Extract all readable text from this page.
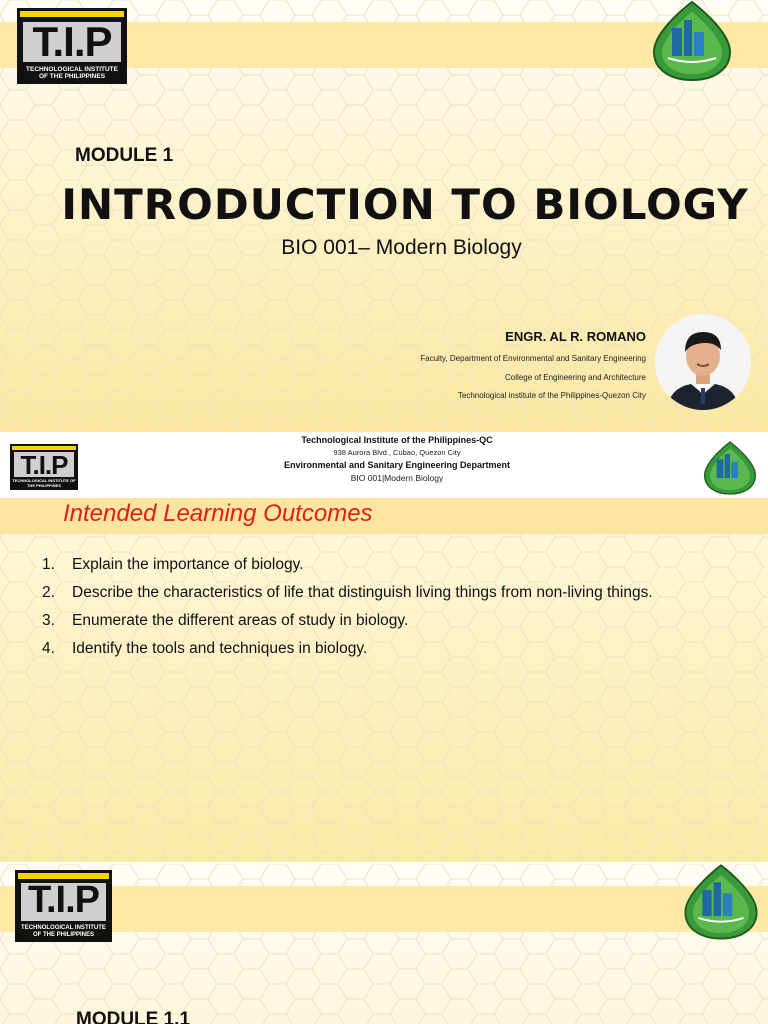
T.I.P
TECHNOLOGICAL INSTITUTE OF THE PHILIPPINES
MODULE 1
INTRODUCTION TO BIOLOGY
BIO 001– Modern Biology
ENGR. AL R. ROMANO
Faculty, Department of Environmental and Sanitary Engineering
College of Engineering and Architecture
Technological institute of the Philippines-Quezon City
T.I.P
TECHNOLOGICAL INSTITUTE OF THE PHILIPPINES
Technological Institute of the Philippines-QC
938 Aurora Blvd., Cubao, Quezon City
Environmental and Sanitary Engineering Department
BIO 001|Modern Biology
Intended Learning Outcomes
1. Explain the importance of biology.
2. Describe the characteristics of life that distinguish living things from non-living things.
3. Enumerate the different areas of study in biology.
4. Identify the tools and techniques in biology.
T.I.P
TECHNOLOGICAL INSTITUTE OF THE PHILIPPINES
MODULE 1.1
